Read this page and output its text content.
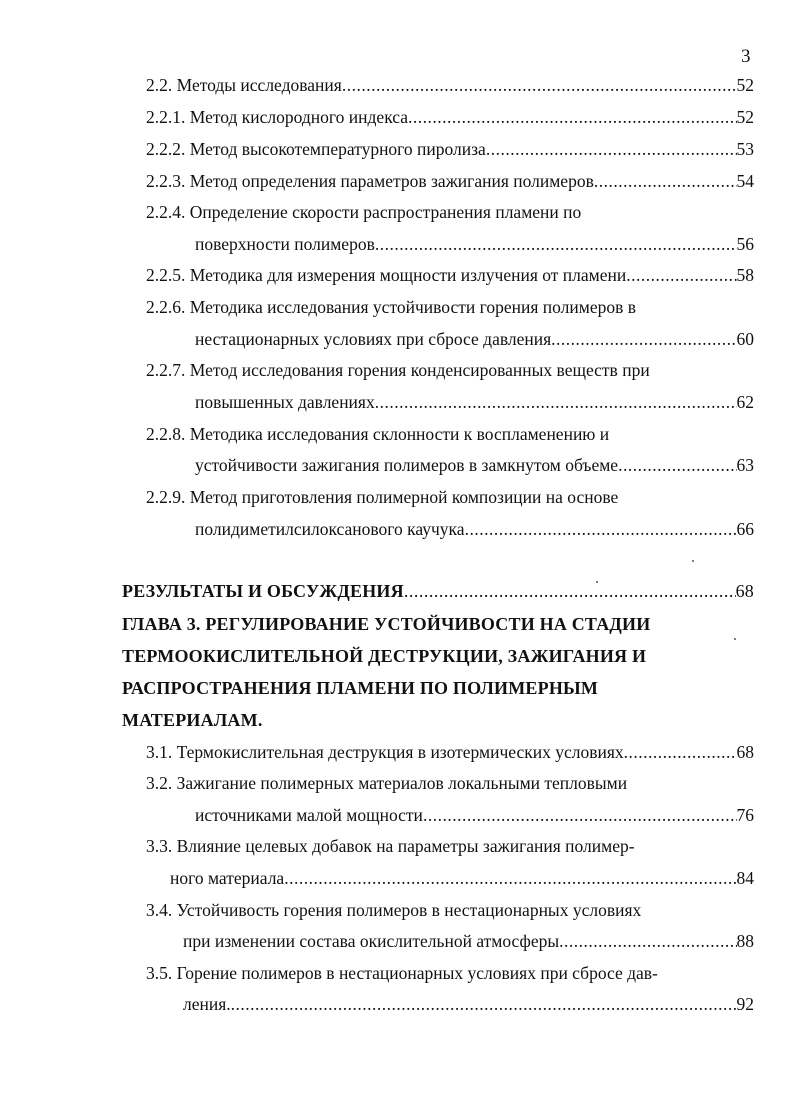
3
2.2. Методы исследования .....	52
2.2.1. Метод кислородного индекса .....	52
2.2.2. Метод высокотемпературного пиролиза .....	53
2.2.3. Метод определения параметров зажигания полимеров .....	54
2.2.4. Определение скорости распространения пламени по
поверхности полимеров .....	56
2.2.5. Методика для измерения мощности излучения от пламени .....	58
2.2.6. Методика исследования устойчивости горения полимеров в
нестационарных условиях при сбросе давления .....	60
2.2.7. Метод исследования горения конденсированных веществ при
повышенных давлениях .....	62
2.2.8. Методика исследования склонности к воспламенению и
устойчивости зажигания полимеров в замкнутом объеме .....	63
2.2.9. Метод приготовления полимерной композиции на основе
полидиметилсилоксанового каучука .....	66
РЕЗУЛЬТАТЫ И ОБСУЖДЕНИЯ .....	68
ГЛАВА 3. РЕГУЛИРОВАНИЕ УСТОЙЧИВОСТИ НА СТАДИИ
ТЕРМООКИСЛИТЕЛЬНОЙ ДЕСТРУКЦИИ, ЗАЖИГАНИЯ И
РАСПРОСТРАНЕНИЯ ПЛАМЕНИ ПО ПОЛИМЕРНЫМ
МАТЕРИАЛАМ.
3.1. Термокислительная деструкция в изотермических условиях .....	68
3.2. Зажигание полимерных материалов локальными тепловыми
источниками малой мощности .....	76
3.3. Влияние целевых добавок на параметры зажигания полимер-
ного материала .....	84
3.4. Устойчивость горения полимеров в нестационарных условиях
при изменении состава окислительной атмосферы .....	88
3.5. Горение полимеров в нестационарных условиях при сбросе дав-
ления. .....	92
